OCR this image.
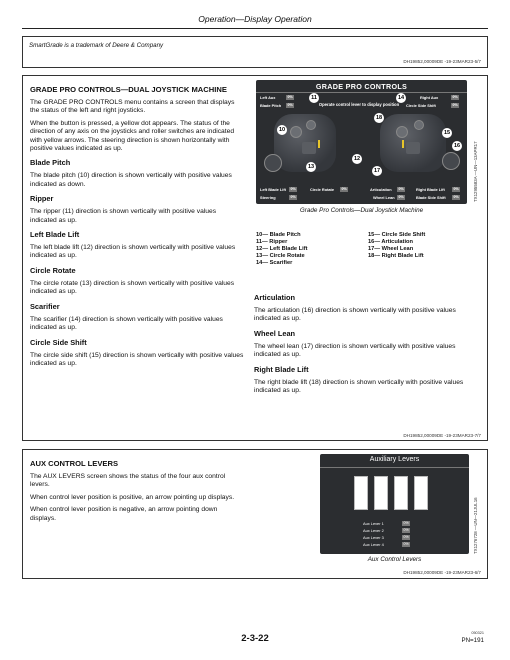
Operation—Display Operation
SmartGrade is a trademark of Deere & Company
DH19852,00009DE -19-23MAR23-5/7
GRADE PRO CONTROLS—DUAL JOYSTICK MACHINE
The GRADE PRO CONTROLS menu contains a screen that displays the status of the left and right joysticks.
When the button is pressed, a yellow dot appears. The status of the direction of any axis on the joysticks and roller switches are indicated with yellow arrows. The steering direction is shown horizontally with positive values indicated as up.
Blade Pitch
The blade pitch (10) direction is shown vertically with positive values indicated as down.
Ripper
The ripper (11) direction is shown vertically with positive values indicated as up.
Left Blade Lift
The left blade lift (12) direction is shown vertically with positive values indicated as up.
Circle Rotate
The circle rotate (13) direction is shown vertically with positive values indicated as up.
Scarifier
The scarifier (14) direction is shown vertically with positive values indicated as up.
Circle Side Shift
The circle side shift (15) direction is shown vertically with positive values indicated as up.
GRADE PRO CONTROLS
Left Aux	0%
Blade Pitch	0%
Right Aux	0%
Circle Side Shift	0%
Operate control lever to display position
11	14
18
10	15
16
12
13
17
Left Blade Lift	0%
Steering	0%
Circle Rotate	0%	Articulation	0%
Wheel Lean	0%
Right Blade Lift	0%
Blade Side Shift	0%	TX1295583A —UN—13APR17
Grade Pro Controls—Dual Joystick Machine
10— Blade Pitch
11— Ripper
12— Left Blade Lift
13— Circle Rotate
14— Scarifier
15— Circle Side Shift
16— Articulation
17— Wheel Lean
18— Right Blade Lift
Articulation
The articulation (16) direction is shown vertically with positive values indicated as up.
Wheel Lean
The wheel lean (17) direction is shown vertically with positive values indicated as up.
Right Blade Lift
The right blade lift (18) direction is shown vertically with positive values indicated as up.
DH19852,00009DE -19-23MAR23-7/7
AUX CONTROL LEVERS
The AUX LEVERS screen shows the status of the four aux control levers.
When control lever position is positive, an arrow pointing up displays.
When control lever position is negative, an arrow pointing down displays.
Auxiliary Levers
Aux Lever 1	0%
Aux Lever 2	0%
Aux Lever 3	0%
Aux Lever 4	0%	TX1276728 —UN—21JUL16
Aux Control Levers
DH19852,00009DE -19-23MAR23-6/7
2-3-22	050321
PN=191
